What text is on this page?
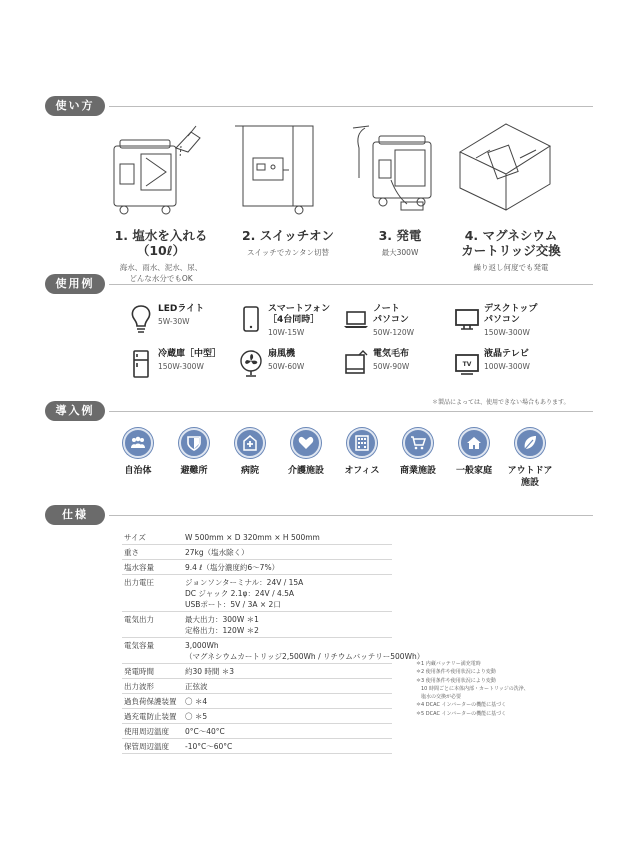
使い方
1. 塩水を入れる（10ℓ）
海水、雨水、泥水、尿、
どんな水分でもOK
2. スイッチオン
スイッチでカンタン切替
3. 発電
最大300W
4. マグネシウム
カートリッジ交換
繰り返し何度でも発電
使用例
LEDライト
5W-30W
スマートフォン
［4台同時］
10W-15W
ノート
パソコン
50W-120W
デスクトップ
パソコン
150W-300W
冷蔵庫［中型］
150W-300W
扇風機
50W-60W
電気毛布
50W-90W	TV
液晶テレビ
100W-300W
＊製品によっては、使用できない場合もあります。
導入例
自治体	避難所	病院	介護施設	オフィス	商業施設	一般家庭	アウトドア
施設
仕様
サイズ	W 500mm × D 320mm × H 500mm
重さ	27kg（塩水除く）
塩水容量	9.4 ℓ（塩分濃度約6〜7%）
出力電圧	ジョンソンターミナル：24V / 15A
DC ジャック 2.1φ：24V / 4.5A
USBポート：5V / 3A × 2口
電気出力	最大出力：300W ＊1
定格出力：120W ＊2
電気容量	3,000Wh
（マグネシウムカートリッジ2,500Wh / リチウムバッテリー500Wh）
発電時間	約30 時間 ＊3
出力波形	正弦波
過負荷保護装置	〇 ＊4
過充電防止装置	〇 ＊5
使用周辺温度	0°C〜40°C
保管周辺温度	-10°C〜60°C
＊1 内蔵バッテリー満充電時
＊2 使用条件や使用状況により変動
＊3 使用条件や使用状況により変動
　10 時間ごとに本体内部・カートリッジの洗浄、
　塩水の交換が必要
＊4 DCAC インバーターの機能に基づく
＊5 DCAC インバーターの機能に基づく
